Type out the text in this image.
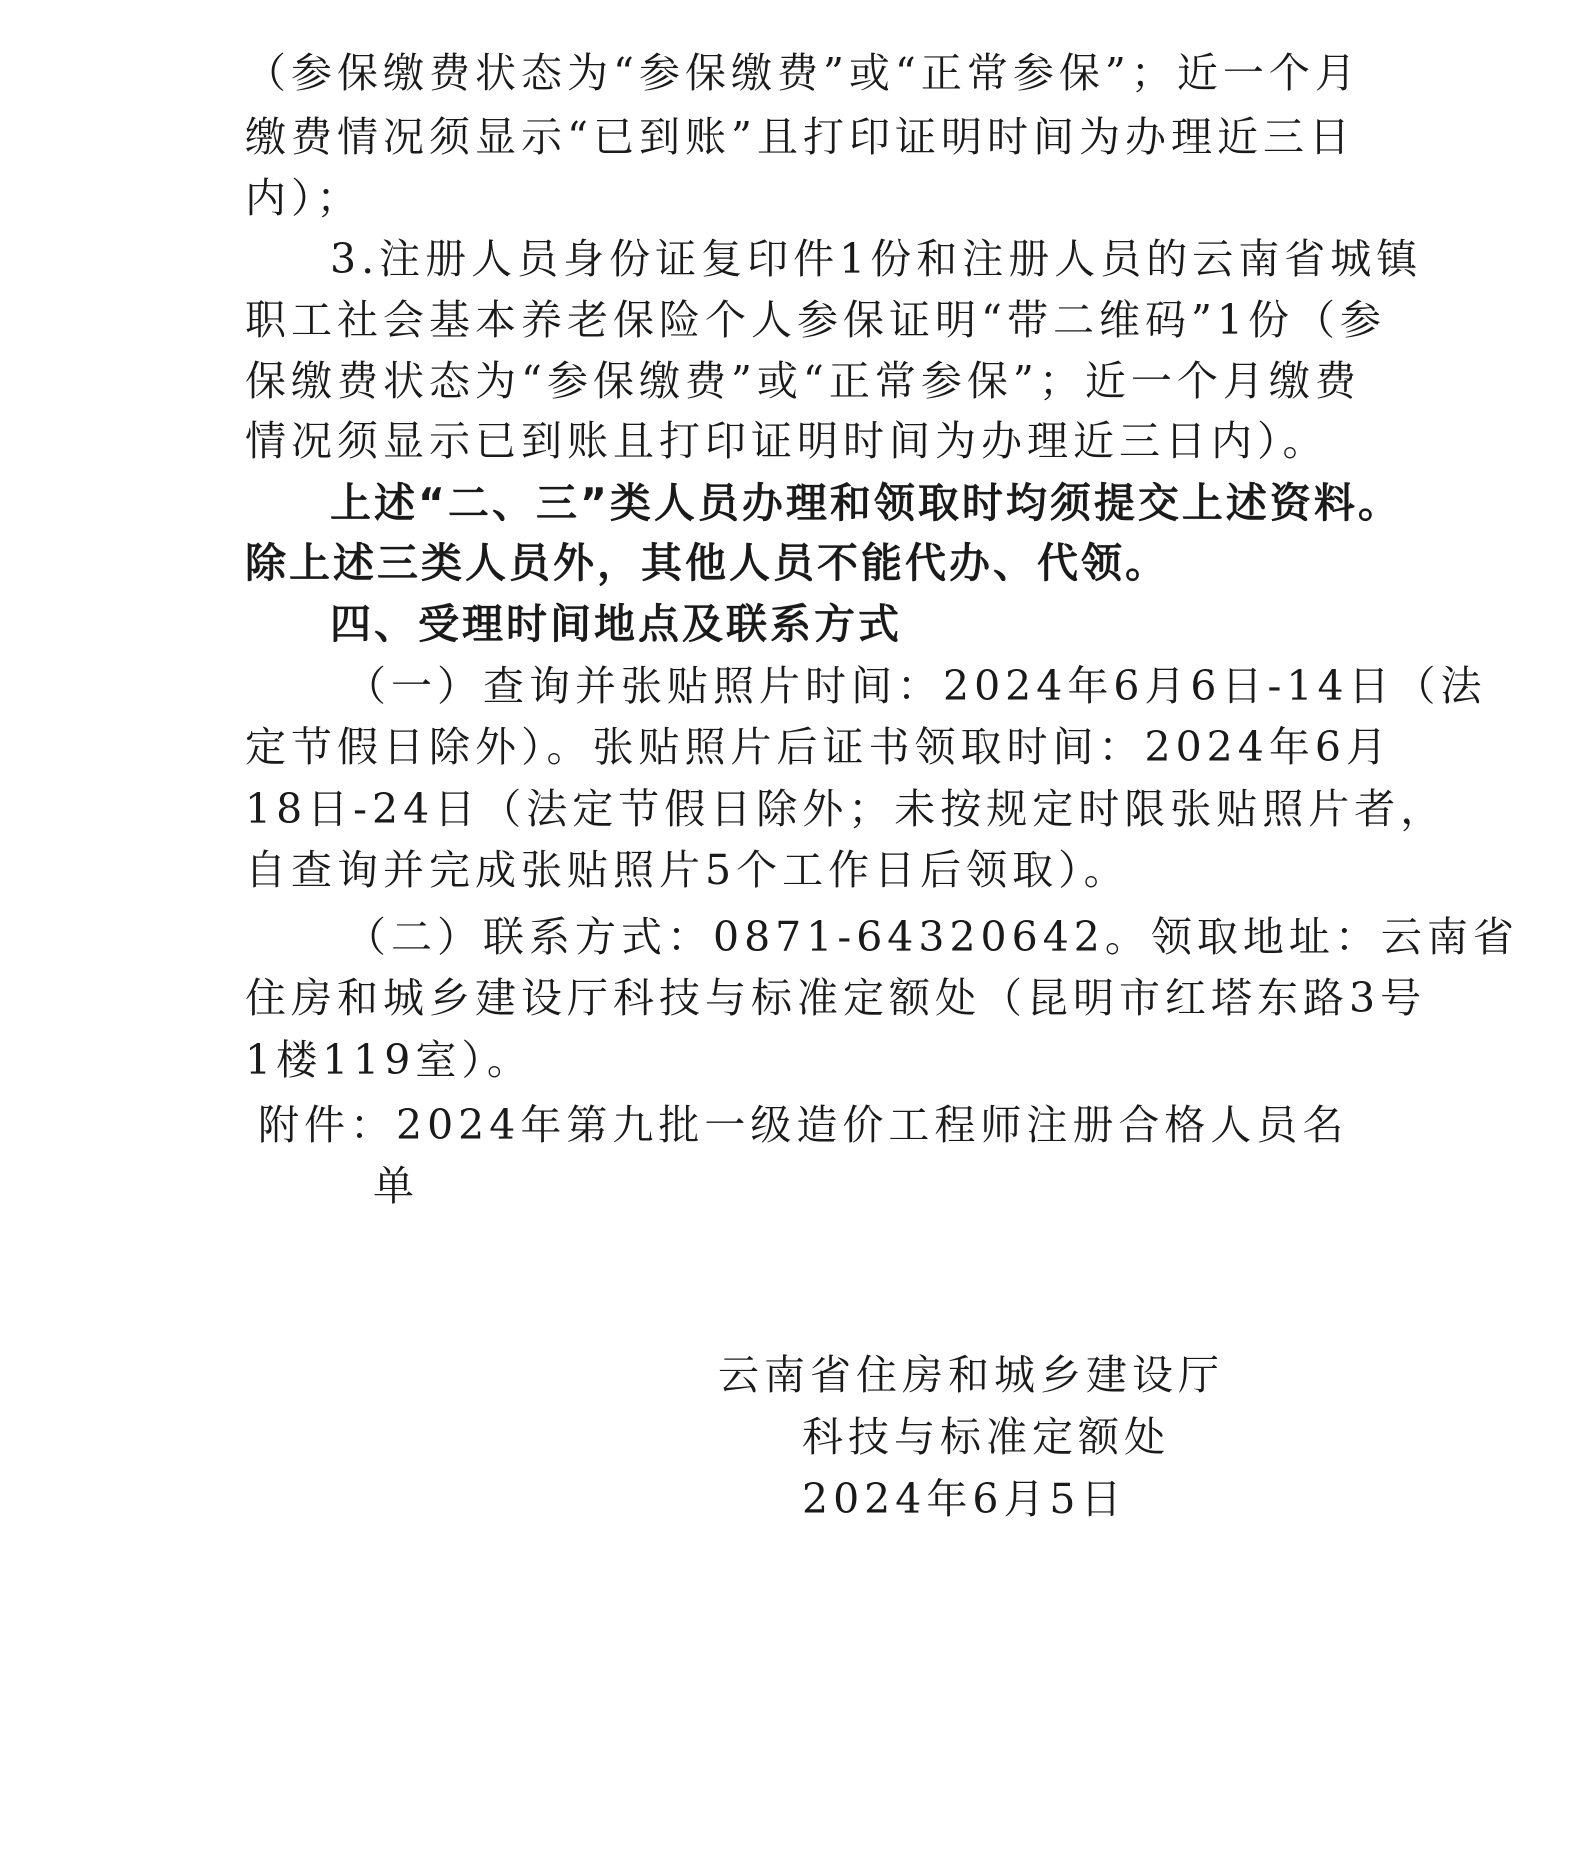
（参保缴费状态为“参保缴费”或“正常参保”；近一个月
缴费情况须显示“已到账”且打印证明时间为办理近三日
内）；
3.注册人员身份证复印件1份和注册人员的云南省城镇
职工社会基本养老保险个人参保证明“带二维码”1份（参
保缴费状态为“参保缴费”或“正常参保”；近一个月缴费
情况须显示已到账且打印证明时间为办理近三日内）。
上述“二、三”类人员办理和领取时均须提交上述资料。
除上述三类人员外，其他人员不能代办、代领。
四、受理时间地点及联系方式
（一）查询并张贴照片时间：2024年6月6日-14日（法
定节假日除外）。张贴照片后证书领取时间：2024年6月
18日-24日（法定节假日除外；未按规定时限张贴照片者，
自查询并完成张贴照片5个工作日后领取）。
（二）联系方式：0871-64320642。领取地址：云南省
住房和城乡建设厅科技与标准定额处（昆明市红塔东路3号
1楼119室）。
附件：2024年第九批一级造价工程师注册合格人员名
单
云南省住房和城乡建设厅
科技与标准定额处
2024年6月5日
